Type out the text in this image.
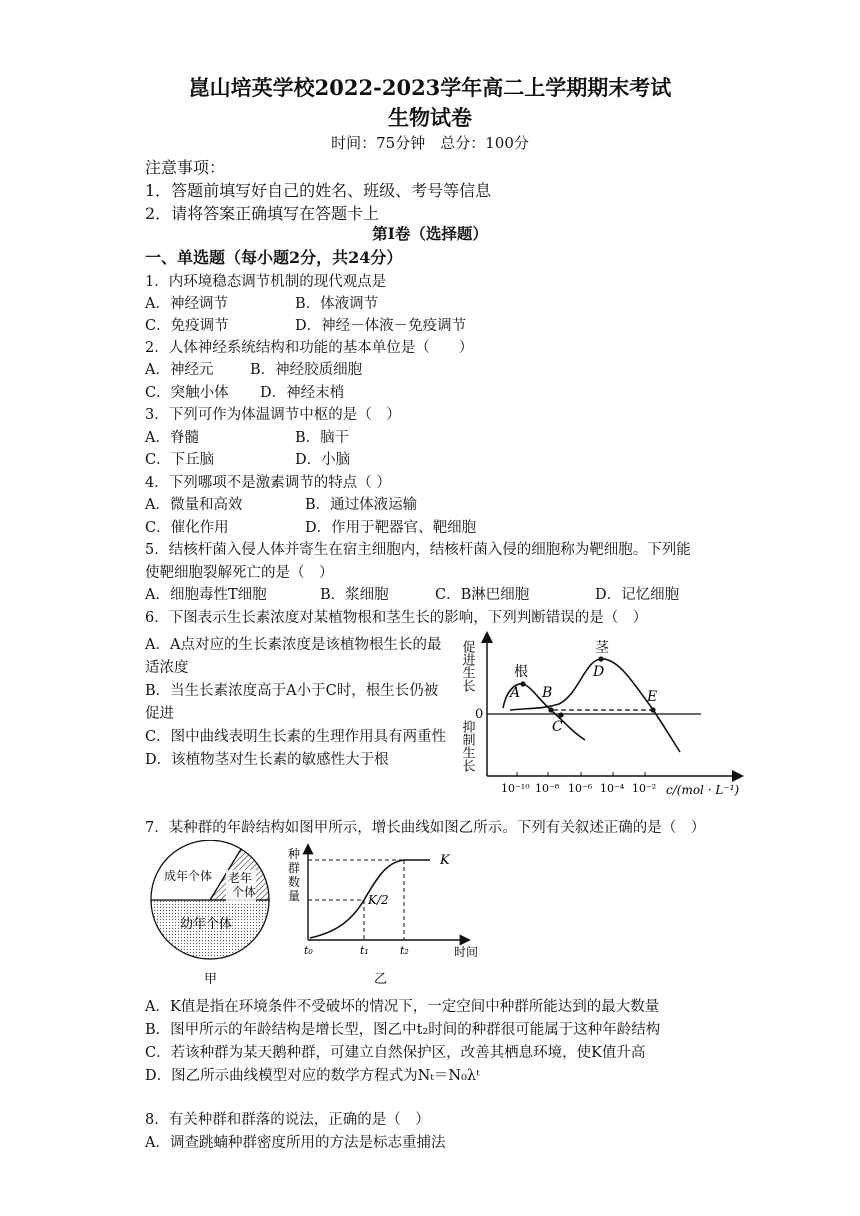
崑山培英学校2022-2023学年高二上学期期末考试
生物试卷
时间：75分钟　总分：100分
注意事项：
1．答题前填写好自己的姓名、班级、考号等信息
2．请将答案正确填写在答题卡上
第Ⅰ卷（选择题）
一、单选题（每小题2分，共24分）
1．内环境稳态调节机制的现代观点是
A．神经调节	B．体液调节
C．免疫调节	D．神经－体液－免疫调节
2．人体神经系统结构和功能的基本单位是（　　）
A．神经元	B．神经胶质细胞
C．突触小体 D．神经末梢
3．下列可作为体温调节中枢的是（　）
A．脊髓	B．脑干
C．下丘脑	D．小脑
4．下列哪项不是激素调节的特点（ ）
A．微量和高效	B．通过体液运输
C．催化作用	D．作用于靶器官、靶细胞
5．结核杆菌入侵人体并寄生在宿主细胞内，结核杆菌入侵的细胞称为靶细胞。下列能
使靶细胞裂解死亡的是（　）
A．细胞毒性T细胞	B．浆细胞	C．B淋巴细胞	D．记忆细胞
6．下图表示生长素浓度对某植物根和茎生长的影响，下列判断错误的是（　）
A．A点对应的生长素浓度是该植物根生长的最
适浓度
B．当生长素浓度高于A小于C时，根生长仍被
促进
C．图中曲线表明生长素的生理作用具有两重性
D．该植物茎对生长素的敏感性大于根
0
促进生长
抑制生长
根
茎
A B
C
D
E
10⁻¹⁰ 10⁻⁸ 10⁻⁶ 10⁻⁴ 10⁻² c/(mol · L⁻¹)
7．某种群的年龄结构如图甲所示，增长曲线如图乙所示。下列有关叙述正确的是（　）
成年个体 老年
个体
幼年个体
甲
种
群
数
量
K
K/2
t₀	t₁	t₂	时间
乙
A．K值是指在环境条件不受破坏的情况下，一定空间中种群所能达到的最大数量
B．图甲所示的年龄结构是增长型，图乙中t₂时间的种群很可能属于这种年龄结构
C．若该种群为某天鹅种群，可建立自然保护区，改善其栖息环境，使K值升高
D．图乙所示曲线模型对应的数学方程式为Nₜ＝N₀λᵗ
8．有关种群和群落的说法，正确的是（　）
A．调查跳蝻种群密度所用的方法是标志重捕法
